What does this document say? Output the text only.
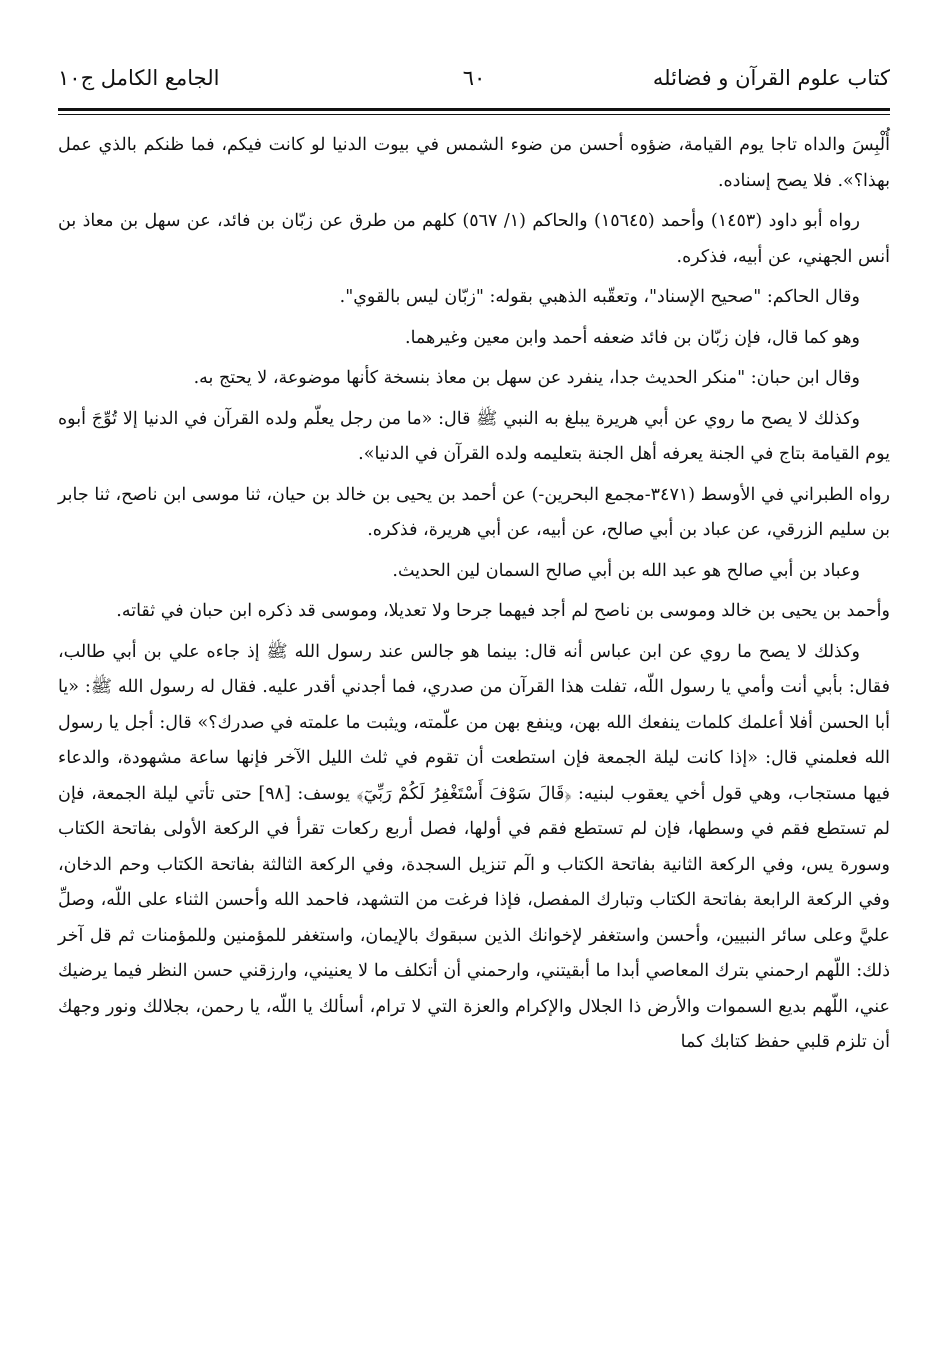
كتاب علوم القرآن و فضائله
٦٠
الجامع الكامل ج١٠

أُلْبِسَ والداه تاجا يوم القيامة، ضؤوه أحسن من ضوء الشمس في بيوت الدنيا لو كانت فيكم، فما ظنكم بالذي عمل بهذا؟». فلا يصح إسناده.

رواه أبو داود (١٤٥٣) وأحمد (١٥٦٤٥) والحاكم (١/ ٥٦٧) كلهم من طرق عن زبّان بن فائد، عن سهل بن معاذ بن أنس الجهني، عن أبيه، فذكره.

وقال الحاكم: "صحيح الإسناد"، وتعقّبه الذهبي بقوله: "زبّان ليس بالقوي".

وهو كما قال، فإن زبّان بن فائد ضعفه أحمد وابن معين وغيرهما.

وقال ابن حبان: "منكر الحديث جدا، ينفرد عن سهل بن معاذ بنسخة كأنها موضوعة، لا يحتج به.

وكذلك لا يصح ما روي عن أبي هريرة يبلغ به النبي ﷺ قال: «ما من رجل يعلّم ولده القرآن في الدنيا إلا تُوِّجَ أبوه يوم القيامة بتاج في الجنة يعرفه أهل الجنة بتعليمه ولده القرآن في الدنيا».

رواه الطبراني في الأوسط (٣٤٧١-مجمع البحرين-) عن أحمد بن يحيى بن خالد بن حيان، ثنا موسى ابن ناصح، ثنا جابر بن سليم الزرقي، عن عباد بن أبي صالح، عن أبيه، عن أبي هريرة، فذكره.

وعباد بن أبي صالح هو عبد الله بن أبي صالح السمان لين الحديث.

وأحمد بن يحيى بن خالد وموسى بن ناصح لم أجد فيهما جرحا ولا تعديلا، وموسى قد ذكره ابن حبان في ثقاته.

وكذلك لا يصح ما روي عن ابن عباس أنه قال: بينما هو جالس عند رسول الله ﷺ إذ جاءه علي بن أبي طالب، فقال: بأبي أنت وأمي يا رسول اللّه، تفلت هذا القرآن من صدري، فما أجدني أقدر عليه. فقال له رسول الله ﷺ: «يا أبا الحسن أفلا أعلمك كلمات ينفعك الله بهن، وينفع بهن من علّمته، ويثبت ما علمته في صدرك؟» قال: أجل يا رسول الله فعلمني قال: «إذا كانت ليلة الجمعة فإن استطعت أن تقوم في ثلث الليل الآخر فإنها ساعة مشهودة، والدعاء فيها مستجاب، وهي قول أخي يعقوب لبنيه: ﴿قَالَ سَوْفَ أَسْتَغْفِرُ لَكُمْ رَبِّيٓ﴾ يوسف: [٩٨] حتى تأتي ليلة الجمعة، فإن لم تستطع فقم في وسطها، فإن لم تستطع فقم في أولها، فصل أربع ركعات تقرأ في الركعة الأولى بفاتحة الكتاب وسورة يس، وفي الركعة الثانية بفاتحة الكتاب و الٓم تنزيل السجدة، وفي الركعة الثالثة بفاتحة الكتاب وحم الدخان، وفي الركعة الرابعة بفاتحة الكتاب وتبارك المفصل، فإذا فرغت من التشهد، فاحمد الله وأحسن الثناء على اللّه، وصلِّ عليَّ وعلى سائر النبيين، وأحسن واستغفر لإخوانك الذين سبقوك بالإيمان، واستغفر للمؤمنين وللمؤمنات ثم قل آخر ذلك: اللّهم ارحمني بترك المعاصي أبدا ما أبقيتني، وارحمني أن أتكلف ما لا يعنيني، وارزقني حسن النظر فيما يرضيك عني، اللّهم بديع السموات والأرض ذا الجلال والإكرام والعزة التي لا ترام، أسألك يا اللّه، يا رحمن، بجلالك ونور وجهك أن تلزم قلبي حفظ كتابك كما
